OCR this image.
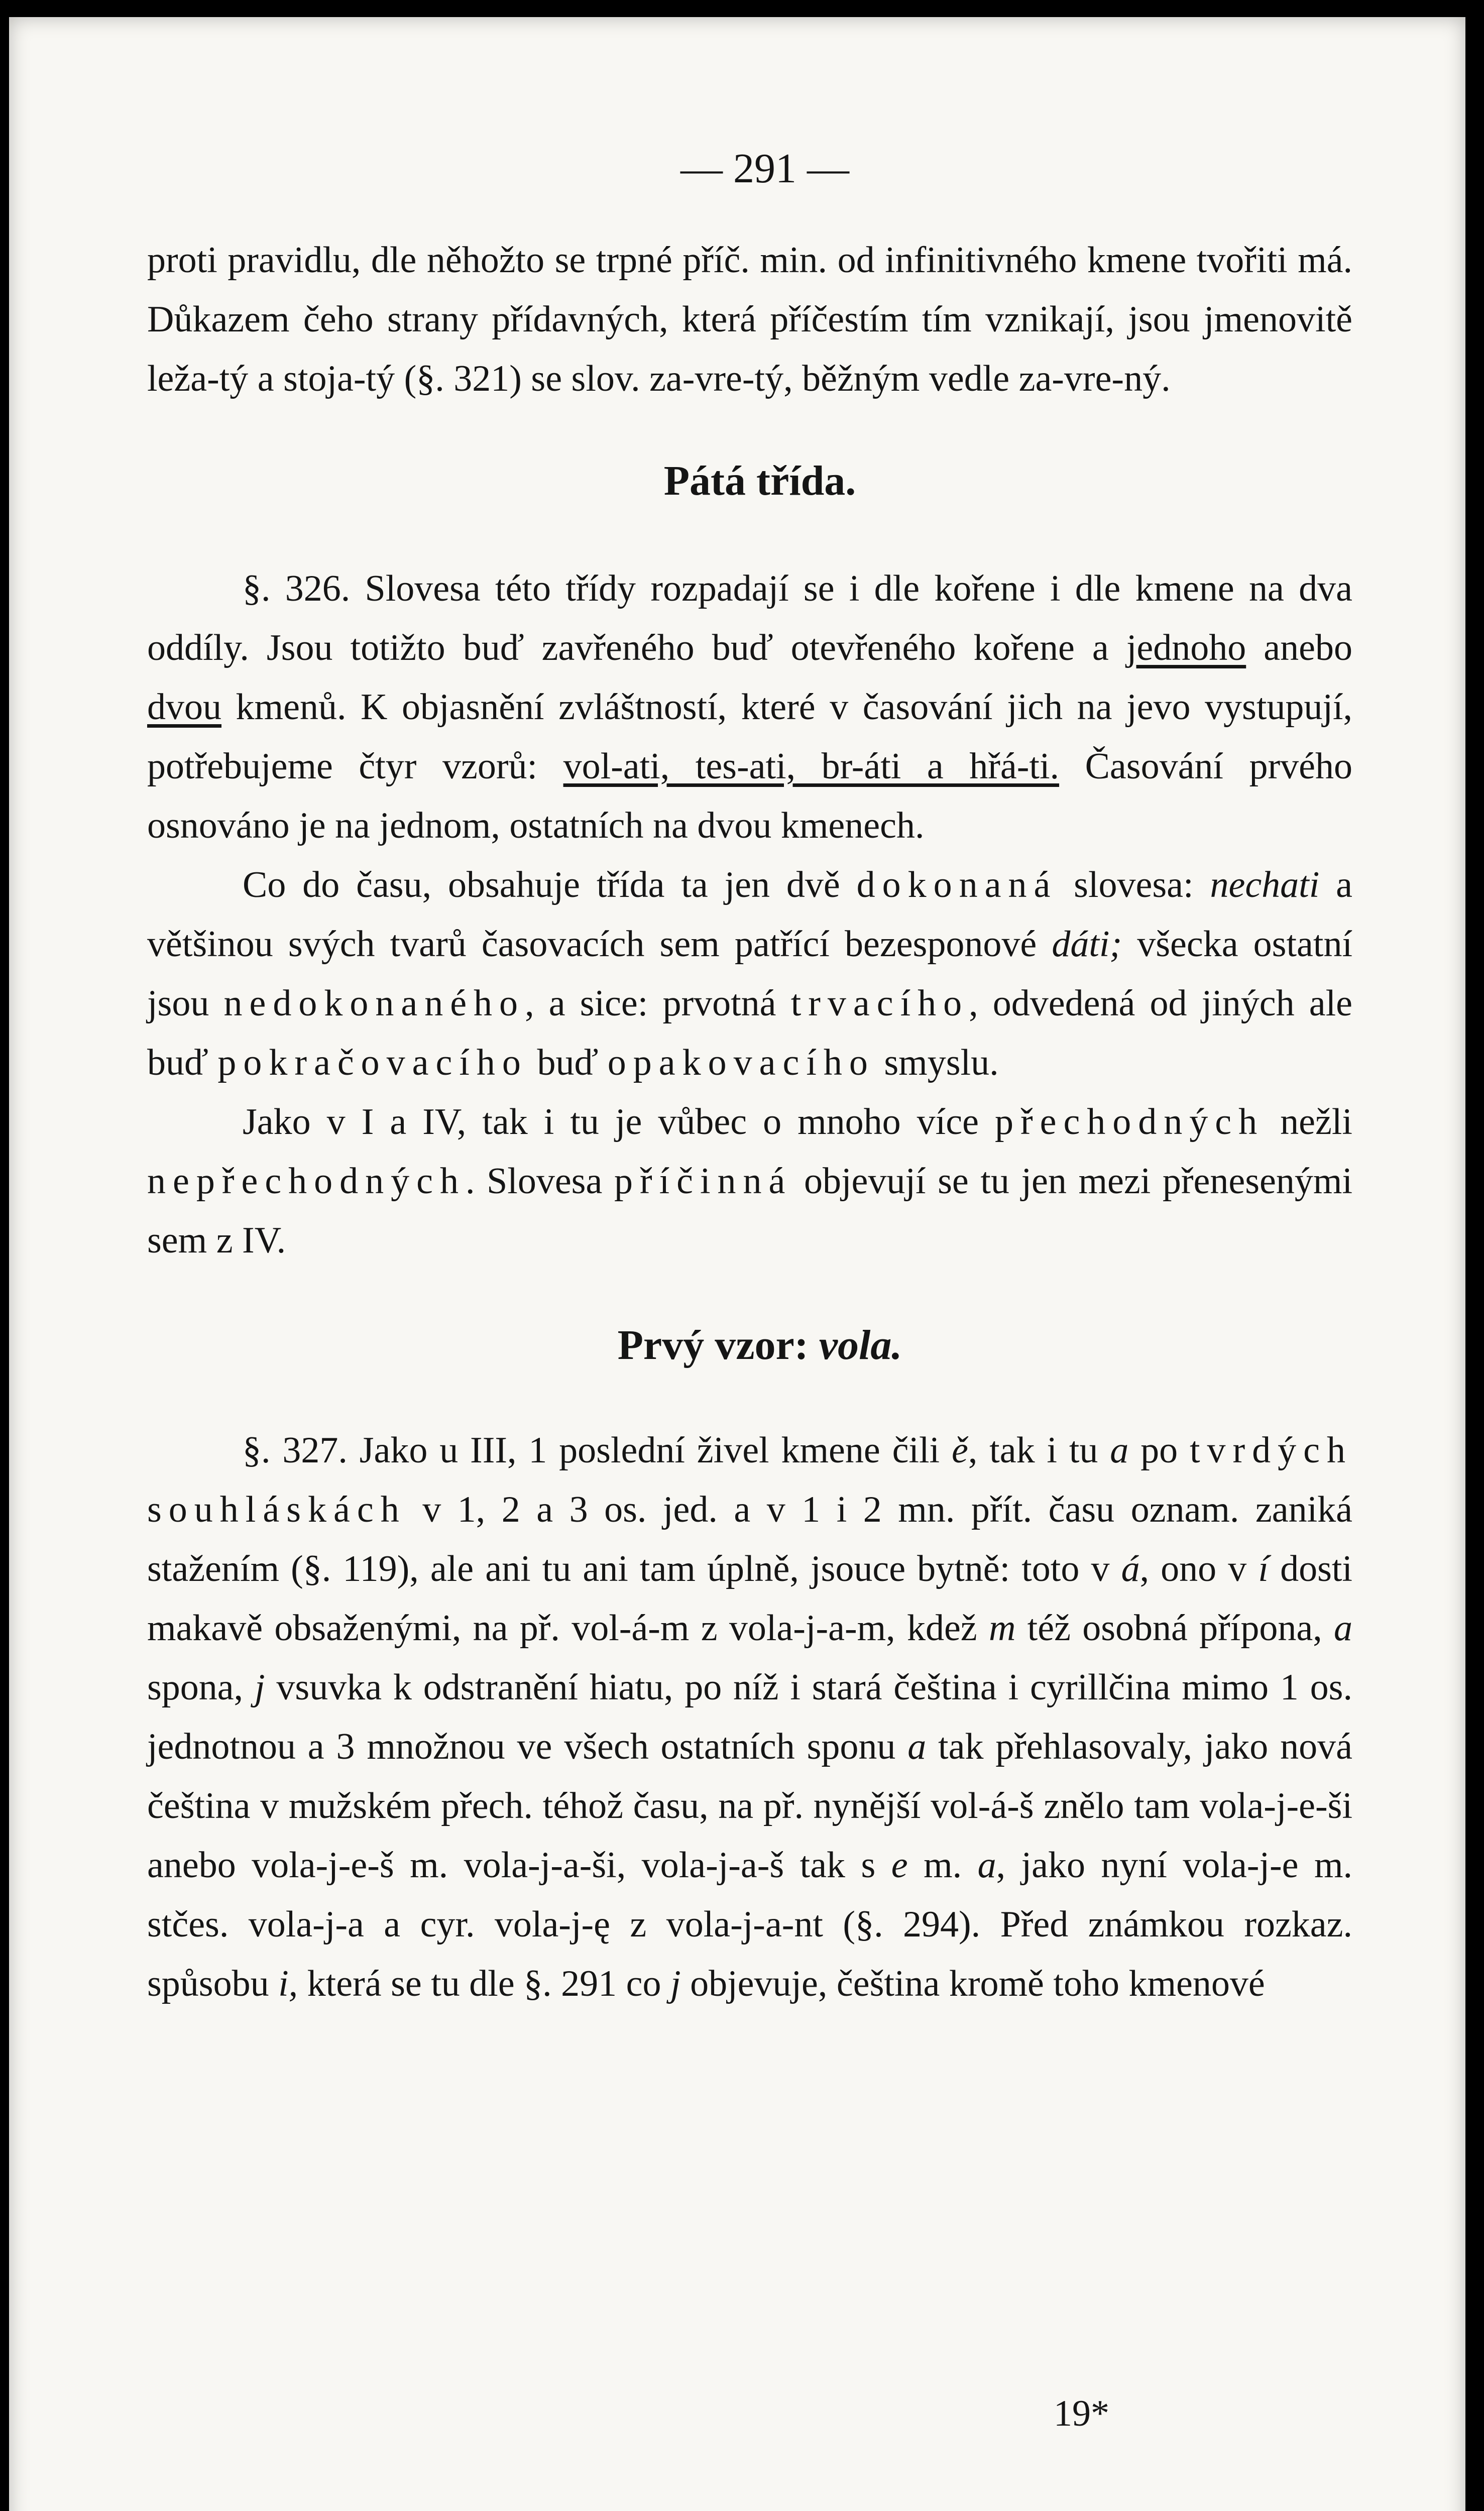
— 291 —

proti pravidlu, dle něhožto se trpné příč. min. od infinitivného kmene tvořiti má. Důkazem čeho strany přídavných, která příčestím tím vznikají, jsou jmenovitě leža-tý a stoja-tý (§. 321) se slov. za-vre-tý, běžným vedle za-vre-ný.

Pátá třída.

§. 326. Slovesa této třídy rozpadají se i dle kořene i dle kmene na dva oddíly. Jsou totižto buď zavřeného buď otevřeného kořene a jednoho anebo dvou kmenů. K objasnění zvláštností, které v časování jich na jevo vystupují, potřebujeme čtyr vzorů: vol-ati, tes-ati, br-áti a hřá-ti. Časování prvého osnováno je na jednom, ostatních na dvou kmenech.

Co do času, obsahuje třída ta jen dvě dokonaná slovesa: nechati a většinou svých tvarů časovacích sem patřící bezesponové dáti; všecka ostatní jsou nedokonaného, a sice: prvotná trvacího, odvedená od jiných ale buď pokračovacího buď opakovacího smyslu.

Jako v I a IV, tak i tu je vůbec o mnoho více přechodných nežli nepřechodných. Slovesa příčinná objevují se tu jen mezi přenesenými sem z IV.

Prvý vzor: vola.

§. 327. Jako u III, 1 poslední živel kmene čili ě, tak i tu a po tvrdých souhláskách v 1, 2 a 3 os. jed. a v 1 i 2 mn. přít. času oznam. zaniká stažením (§. 119), ale ani tu ani tam úplně, jsouce bytně: toto v á, ono v í dosti makavě obsaženými, na př. vol-á-m z vola-j-a-m, kdež m též osobná přípona, a spona, j vsuvka k odstranění hiatu, po níž i stará čeština i cyrillčina mimo 1 os. jednotnou a 3 množnou ve všech ostatních sponu a tak přehlasovaly, jako nová čeština v mužském přech. téhož času, na př. nynější vol-á-š znělo tam vola-j-e-ši anebo vola-j-e-š m. vola-j-a-ši, vola-j-a-š tak s e m. a, jako nyní vola-j-e m. stčes. vola-j-a a cyr. vola-j-ę z vola-j-a-nt (§. 294). Před známkou rozkaz. spůsobu i, která se tu dle §. 291 co j objevuje, čeština kromě toho kmenové

19*
